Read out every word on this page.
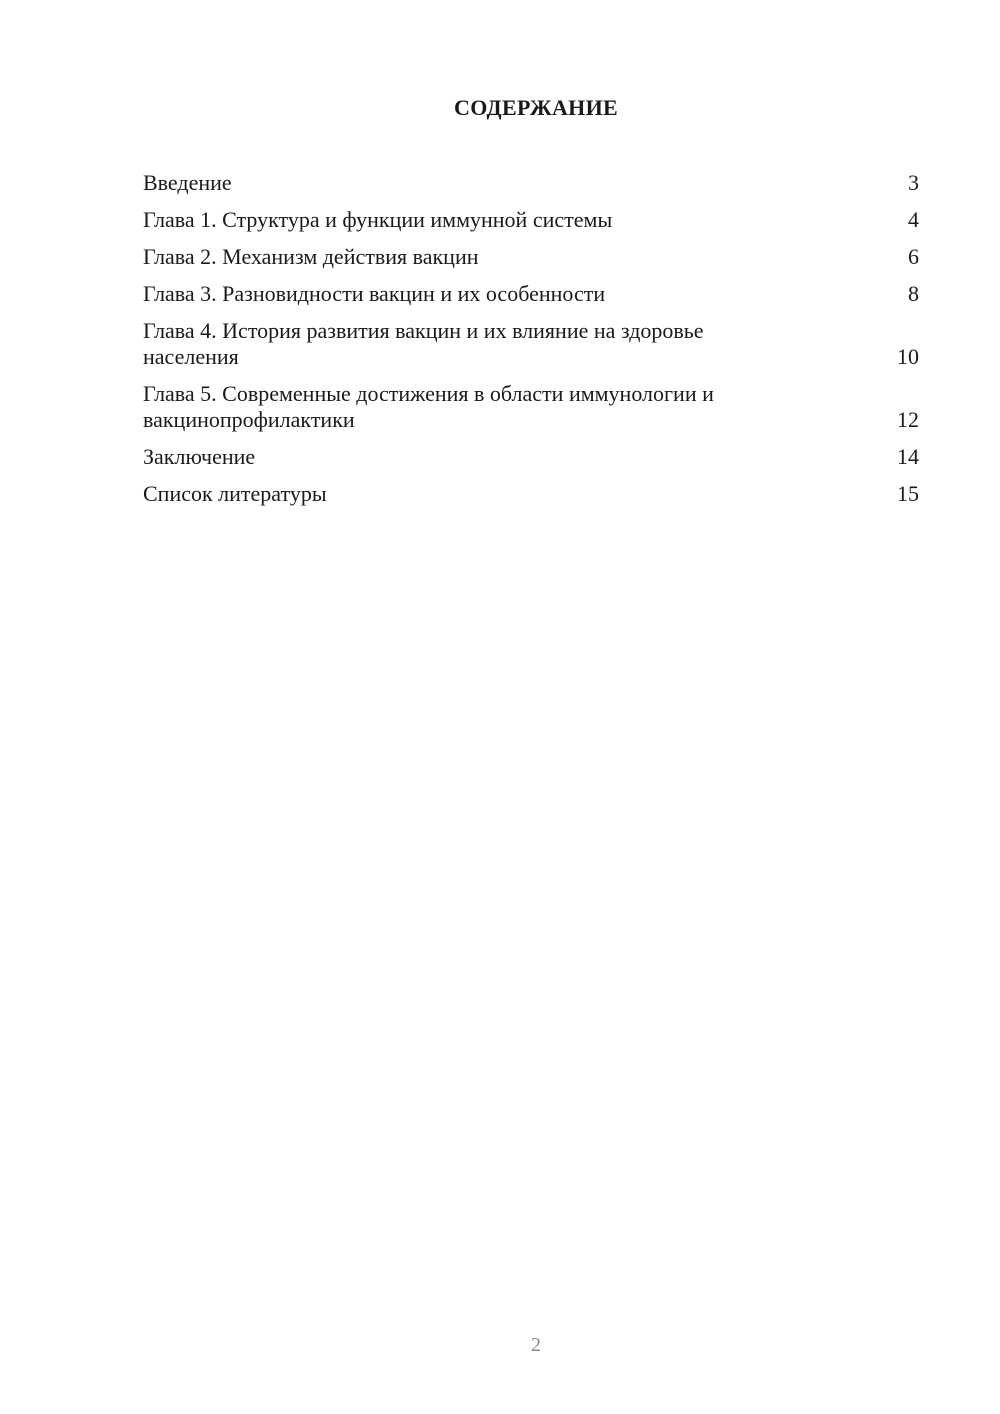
СОДЕРЖАНИЕ
Введение	3
Глава 1. Структура и функции иммунной системы	4
Глава 2. Механизм действия вакцин	6
Глава 3. Разновидности вакцин и их особенности	8
Глава 4. История развития вакцин и их влияние на здоровье населения	10
Глава 5. Современные достижения в области иммунологии и вакцинопрофилактики	12
Заключение	14
Список литературы	15
2
